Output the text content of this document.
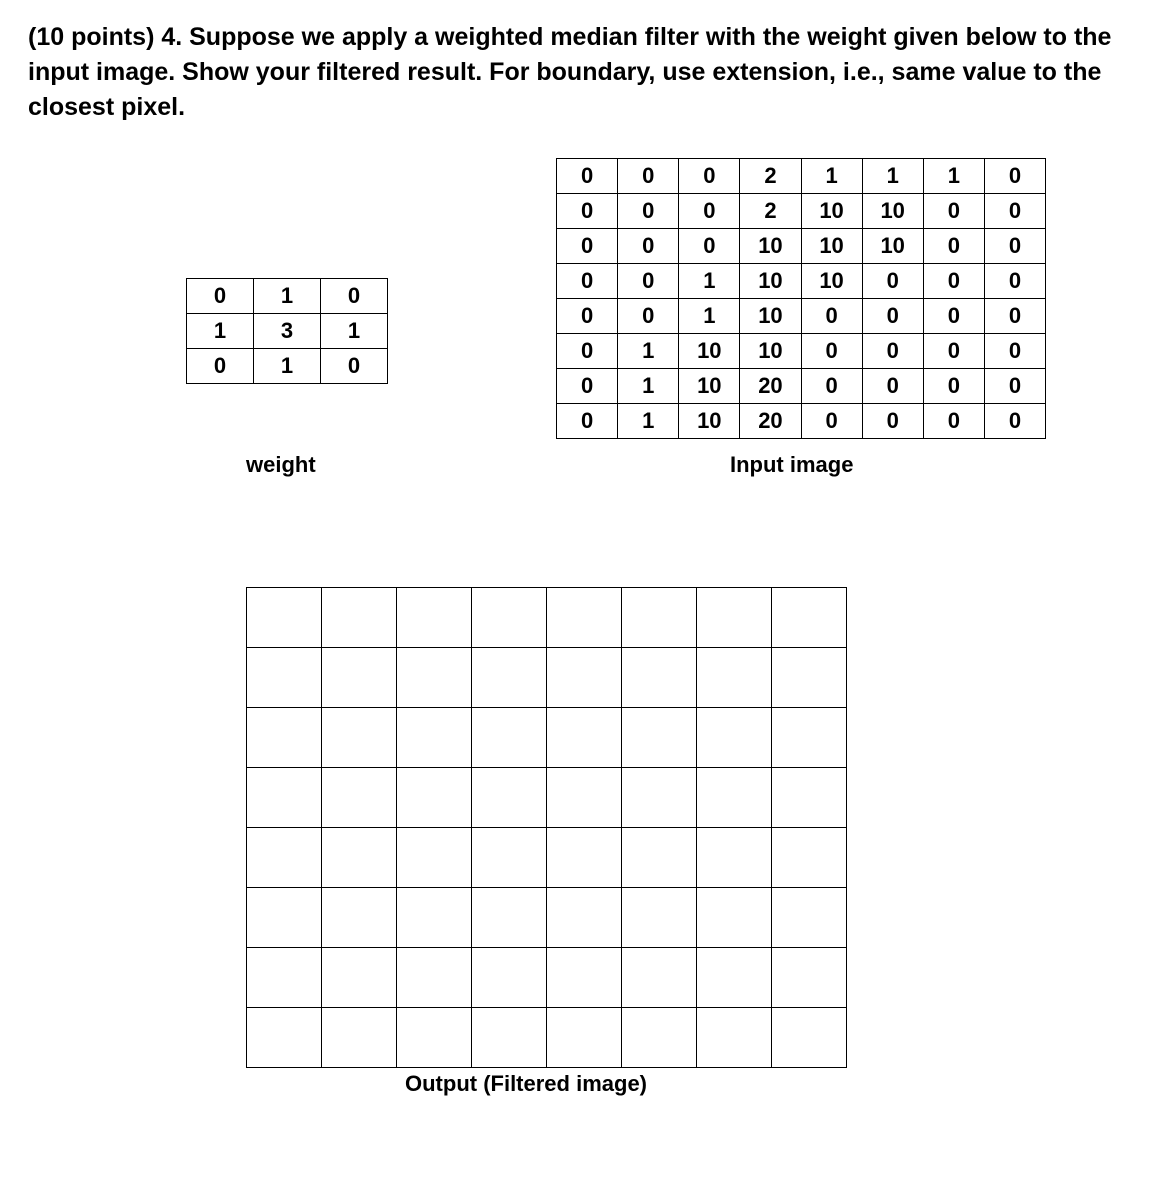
(10 points) 4. Suppose we apply a weighted median filter with the weight given below to the input image. Show your filtered result. For boundary, use extension, i.e., same value to the closest pixel.

0	1	0
1	3	1
0	1	0
weight
0	0	0	2	1	1	1	0
0	0	0	2	10	10	0	0
0	0	0	10	10	10	0	0
0	0	1	10	10	0	0	0
0	0	1	10	0	0	0	0
0	1	10	10	0	0	0	0
0	1	10	20	0	0	0	0
0	1	10	20	0	0	0	0
Input image

Output (Filtered image)
